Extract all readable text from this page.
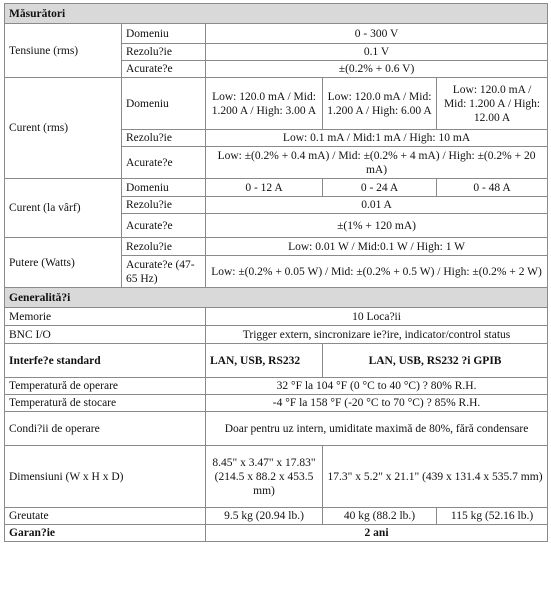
Măsurători				
Tensiune (rms)	Domeniu	0 - 300 V		
	Rezolu?ie	0.1 V		
	Acurate?e	±(0.2% + 0.6 V)		
Curent (rms)	Domeniu	Low: 120.0 mA / Mid: 1.200 A / High: 3.00 A	Low: 120.0 mA / Mid: 1.200 A / High: 6.00 A	Low: 120.0 mA / Mid: 1.200 A / High: 12.00 A
	Rezolu?ie	Low: 0.1 mA / Mid:1 mA / High: 10 mA		
	Acurate?e	Low: ±(0.2% + 0.4 mA) / Mid: ±(0.2% + 4 mA) / High: ±(0.2% + 20 mA)		
Curent (la vârf)	Domeniu	0 - 12 A	0 - 24 A	0 - 48 A
	Rezolu?ie	0.01 A		
	Acurate?e	±(1% + 120 mA)		
Putere (Watts)	Rezolu?ie	Low: 0.01 W / Mid:0.1 W / High: 1 W		
	Acurate?e (47-65 Hz)	Low: ±(0.2% + 0.05 W) / Mid: ±(0.2% + 0.5 W) / High: ±(0.2% + 2 W)		
Generalită?i				
Memorie		10 Loca?ii		
BNC I/O		Trigger extern, sincronizare ie?ire, indicator/control status		
Interfe?e standard		LAN, USB, RS232	LAN, USB, RS232 ?i GPIB	
Temperatură de operare		32 °F la 104 °F (0 °C to 40 °C) ? 80% R.H.		
Temperatură de stocare		-4 °F la 158 °F (-20 °C to 70 °C) ? 85% R.H.		
Condi?ii de operare		Doar pentru uz intern, umiditate maximă de 80%, fără condensare		
Dimensiuni (W x H x D)		8.45" x 3.47" x 17.83" (214.5 x 88.2 x 453.5 mm)	17.3" x 5.2" x 21.1" (439 x 131.4 x 535.7 mm)	
Greutate		9.5 kg (20.94 lb.)	40 kg (88.2 lb.)	115 kg (52.16 lb.)
Garan?ie		2 ani		
